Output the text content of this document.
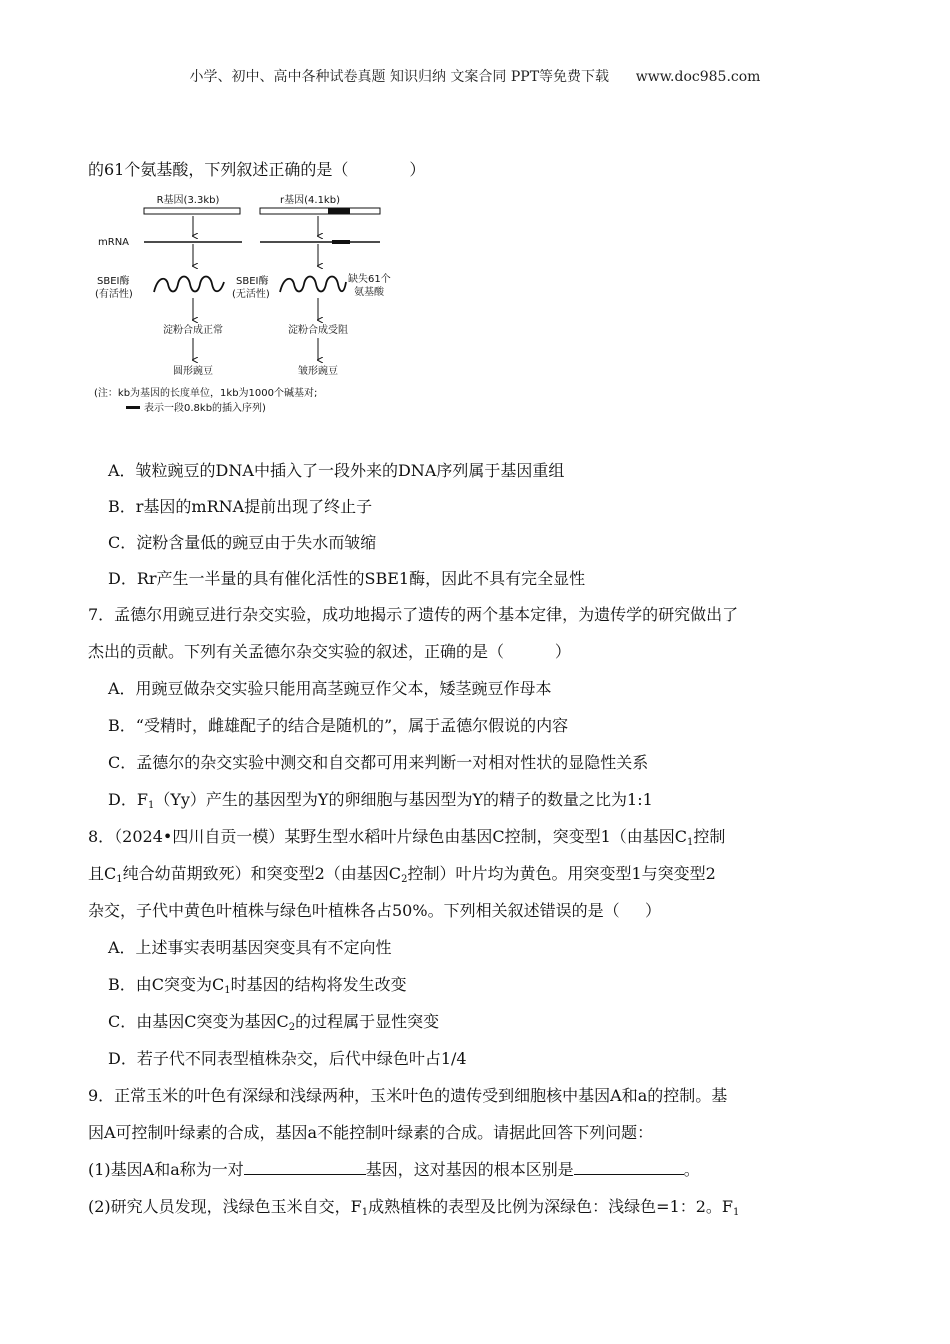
小学、初中、高中各种试卷真题 知识归纳 文案合同 PPT等免费下载      www.doc985.com
的61个氨基酸，下列叙述正确的是（            ）
R基因(3.3kb)	r基因(4.1kb)
mRNA
SBEI酶
(有活性)
SBEI酶
(无活性)
缺失61个
氨基酸
淀粉合成正常	淀粉合成受阻
圆形豌豆	皱形豌豆
(注：kb为基因的长度单位，1kb为1000个碱基对;
表示一段0.8kb的插入序列)
A．皱粒豌豆的DNA中插入了一段外来的DNA序列属于基因重组
B．r基因的mRNA提前出现了终止子
C．淀粉含量低的豌豆由于失水而皱缩
D．Rr产生一半量的具有催化活性的SBE1酶，因此不具有完全显性
7．孟德尔用豌豆进行杂交实验，成功地揭示了遗传的两个基本定律，为遗传学的研究做出了
杰出的贡献。下列有关孟德尔杂交实验的叙述，正确的是（          ）
A．用豌豆做杂交实验只能用高茎豌豆作父本，矮茎豌豆作母本
B．“受精时，雌雄配子的结合是随机的”，属于孟德尔假说的内容
C．孟德尔的杂交实验中测交和自交都可用来判断一对相对性状的显隐性关系
D．$F_1(Yy)$产生的基因型为Y的卵细胞与基因型为Y的精子的数量之比为1:1
8．（2024•四川自贡一模）某野生型水稻叶片绿色由基因C控制，突变型1（由基因$C_1$控制
且$C_1$纯合幼苗期致死）和突变型2（由基因$C_2$控制）叶片均为黄色。用突变型1与突变型2
杂交，子代中黄色叶植株与绿色叶植株各占50%。下列相关叙述错误的是（     ）
A．上述事实表明基因突变具有不定向性
B．由C突变为$C_1$时基因的结构将发生改变
C．由基因C突变为基因$C_2$的过程属于显性突变
D．若子代不同表型植株杂交，后代中绿色叶占1/4
9．正常玉米的叶色有深绿和浅绿两种，玉米叶色的遗传受到细胞核中基因A和a的控制。基
因A可控制叶绿素的合成，基因a不能控制叶绿素的合成。请据此回答下列问题：
(1)基因A和a称为一对	基因，这对基因的根本区别是	。
(2)研究人员发现，浅绿色玉米自交，$F_1$成熟植株的表型及比例为深绿色：浅绿色=1：2。$F_1$
